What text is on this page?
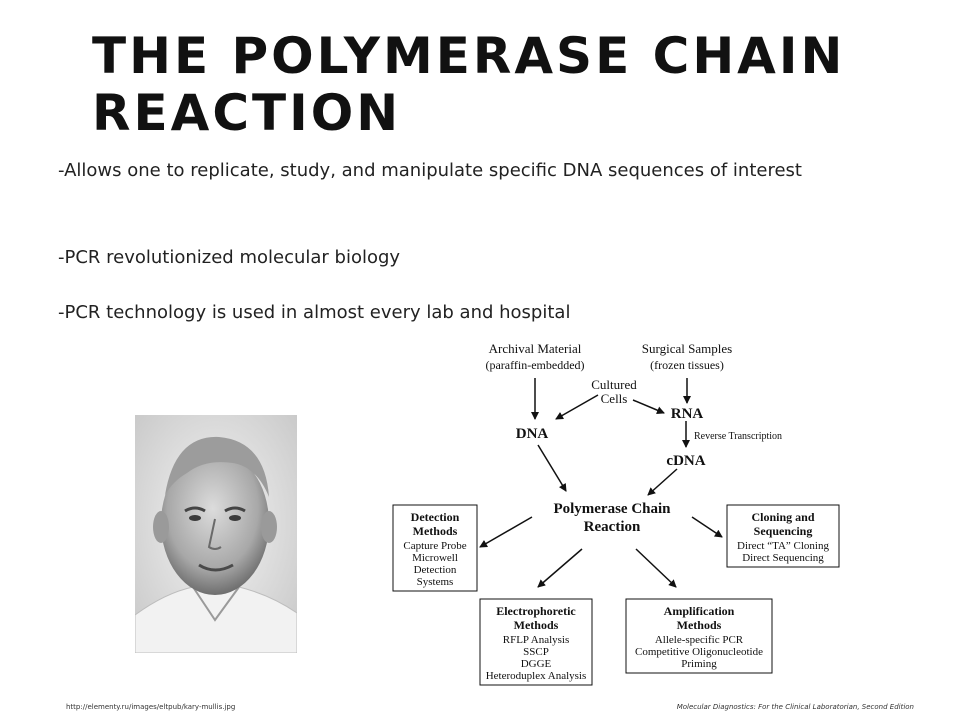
THE POLYMERASE CHAIN
REACTION

-Allows one to replicate, study, and manipulate specific DNA sequences of interest

-PCR revolutionized molecular biology

-PCR technology is used in almost every lab and hospital

Archival Material
(paraffin-embedded)
Surgical Samples
(frozen tissues)
Cultured
Cells
DNA
RNA
Reverse Transcription
cDNA
Polymerase Chain
Reaction
Detection
Methods
Capture Probe
Microwell
Detection
Systems
Cloning and
Sequencing
Direct “TA” Cloning
Direct Sequencing
Electrophoretic
Methods
RFLP Analysis
SSCP
DGGE
Heteroduplex Analysis
Amplification
Methods
Allele-specific PCR
Competitive Oligonucleotide
Priming
http://elementy.ru/images/eltpub/kary-mullis.jpg	Molecular Diagnostics: For the Clinical Laboratorian, Second Edition
